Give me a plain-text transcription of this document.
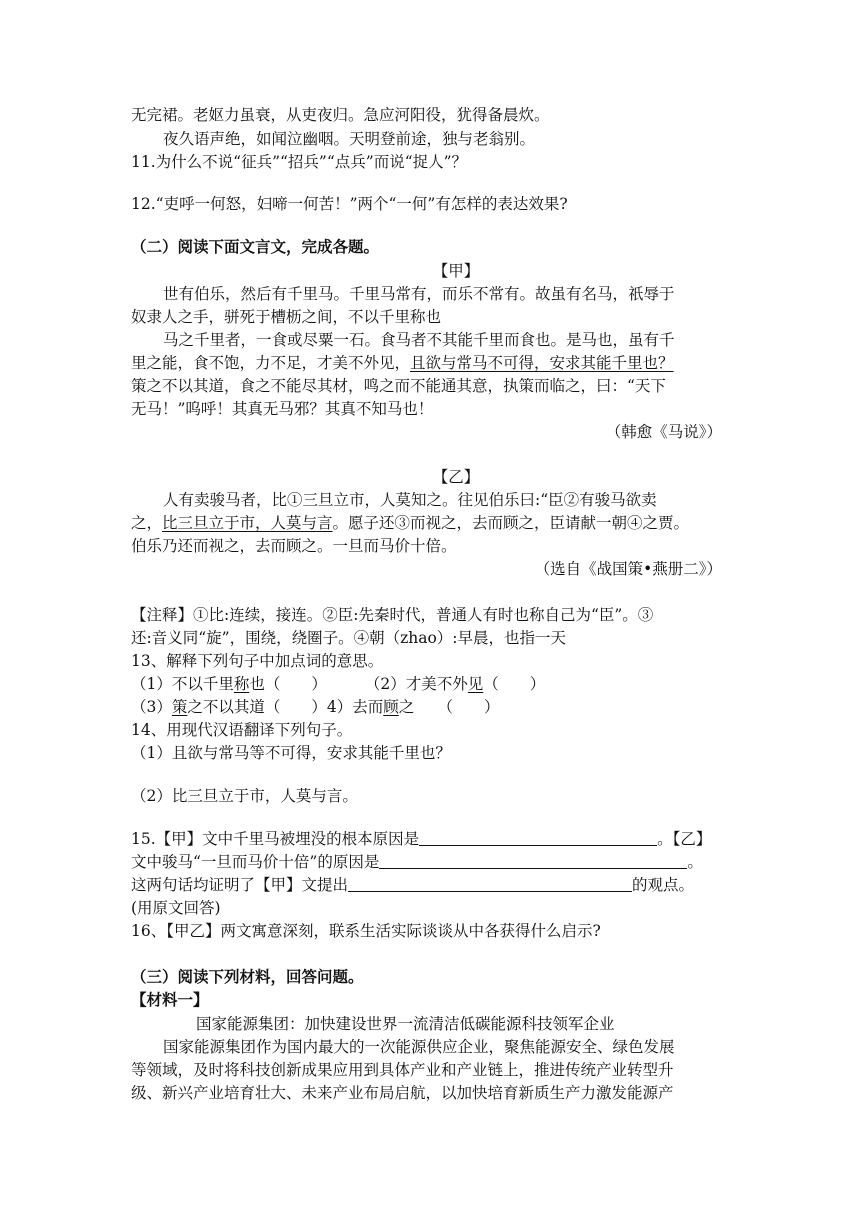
无完裙。老妪力虽衰，从吏夜归。急应河阳役，犹得备晨炊。
夜久语声绝，如闻泣幽咽。天明登前途，独与老翁别。
11.为什么不说“征兵”“招兵”“点兵”而说“捉人”？
12.“吏呼一何怒，妇啼一何苦！”两个“一何”有怎样的表达效果?
（二）阅读下面文言文，完成各题。
【甲】
世有伯乐，然后有千里马。千里马常有，而乐不常有。故虽有名马，祇辱于
奴隶人之手，骈死于槽枥之间，不以千里称也
马之千里者，一食或尽粟一石。食马者不其能千里而食也。是马也，虽有千
里之能，食不饱，力不足，才美不外见，且欲与常马不可得，安求其能千里也？
策之不以其道，食之不能尽其材，鸣之而不能通其意，执策而临之，曰：“天下
无马！”呜呼！其真无马邪？其真不知马也！
（韩愈《马说》）
【乙】
人有卖骏马者，比①三旦立市，人莫知之。往见伯乐曰:“臣②有骏马欲卖
之，比三旦立于市，人莫与言。愿子还③而视之，去而顾之，臣请献一朝④之贾。
伯乐乃还而视之，去而顾之。一旦而马价十倍。
（选自《战国策•燕册二》）
【注释】①比:连续，接连。②臣:先秦时代，普通人有时也称自己为“臣”。③
还:音义同“旋”，围绕，绕圈子。④朝（zhao）:早晨，也指一天
13、解释下列句子中加点词的意思。
（1）不以千里称也（　　） （2）才美不外见（　　）
（3）策之不以其道（　　）4）去而顾之　　（　　）
14、用现代汉语翻译下列句子。
（1）且欲与常马等不可得，安求其能千里也？
（2）比三旦立于市，人莫与言。
15.【甲】文中千里马被埋没的根本原因是	。【乙】
文中骏马“一旦而马价十倍”的原因是	。
这两句话均证明了【甲】文提出	的观点。
(用原文回答)
16、【甲乙】两文寓意深刻，联系生活实际谈谈从中各获得什么启示?
（三）阅读下列材料，回答问题。
【材料一】
国家能源集团：加快建设世界一流清洁低碳能源科技领军企业
国家能源集团作为国内最大的一次能源供应企业，聚焦能源安全、绿色发展
等领域，及时将科技创新成果应用到具体产业和产业链上，推进传统产业转型升
级、新兴产业培育壮大、未来产业布局启航，以加快培育新质生产力激发能源产
